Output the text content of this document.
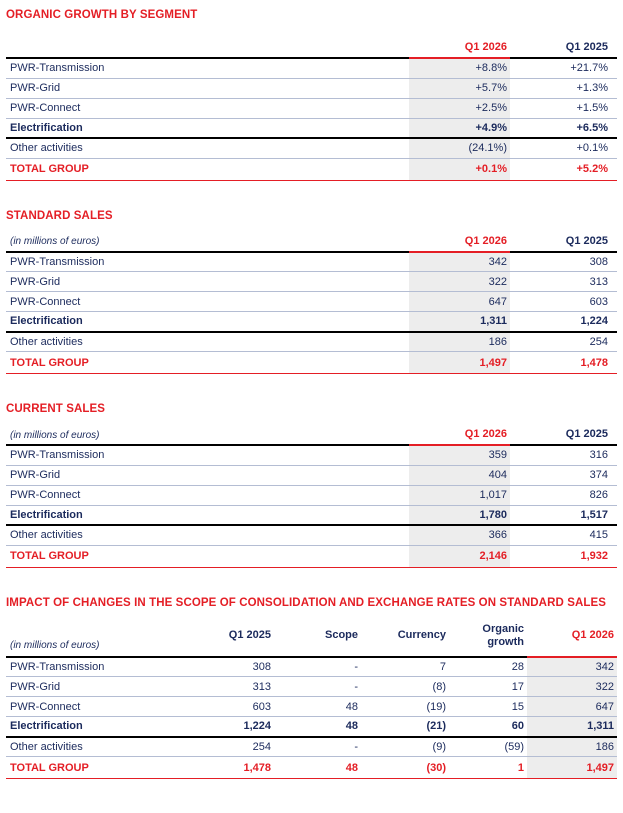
ORGANIC GROWTH BY SEGMENT
	Q1 2026	Q1 2025
PWR-Transmission	+8.8%	+21.7%
PWR-Grid	+5.7%	+1.3%
PWR-Connect	+2.5%	+1.5%
Electrification	+4.9%	+6.5%
Other activities	(24.1%)	+0.1%
TOTAL GROUP	+0.1%	+5.2%
STANDARD SALES
(in millions of euros)	Q1 2026	Q1 2025
PWR-Transmission	342	308
PWR-Grid	322	313
PWR-Connect	647	603
Electrification	1,311	1,224
Other activities	186	254
TOTAL GROUP	1,497	1,478
CURRENT SALES
(in millions of euros)	Q1 2026	Q1 2025
PWR-Transmission	359	316
PWR-Grid	404	374
PWR-Connect	1,017	826
Electrification	1,780	1,517
Other activities	366	415
TOTAL GROUP	2,146	1,932
IMPACT OF CHANGES IN THE SCOPE OF CONSOLIDATION AND EXCHANGE RATES ON STANDARD SALES
(in millions of euros)	Q1 2025	Scope	Currency	Organic growth	Q1 2026
PWR-Transmission	308	-	7	28	342
PWR-Grid	313	-	(8)	17	322
PWR-Connect	603	48	(19)	15	647
Electrification	1,224	48	(21)	60	1,311
Other activities	254	-	(9)	(59)	186
TOTAL GROUP	1,478	48	(30)	1	1,497
